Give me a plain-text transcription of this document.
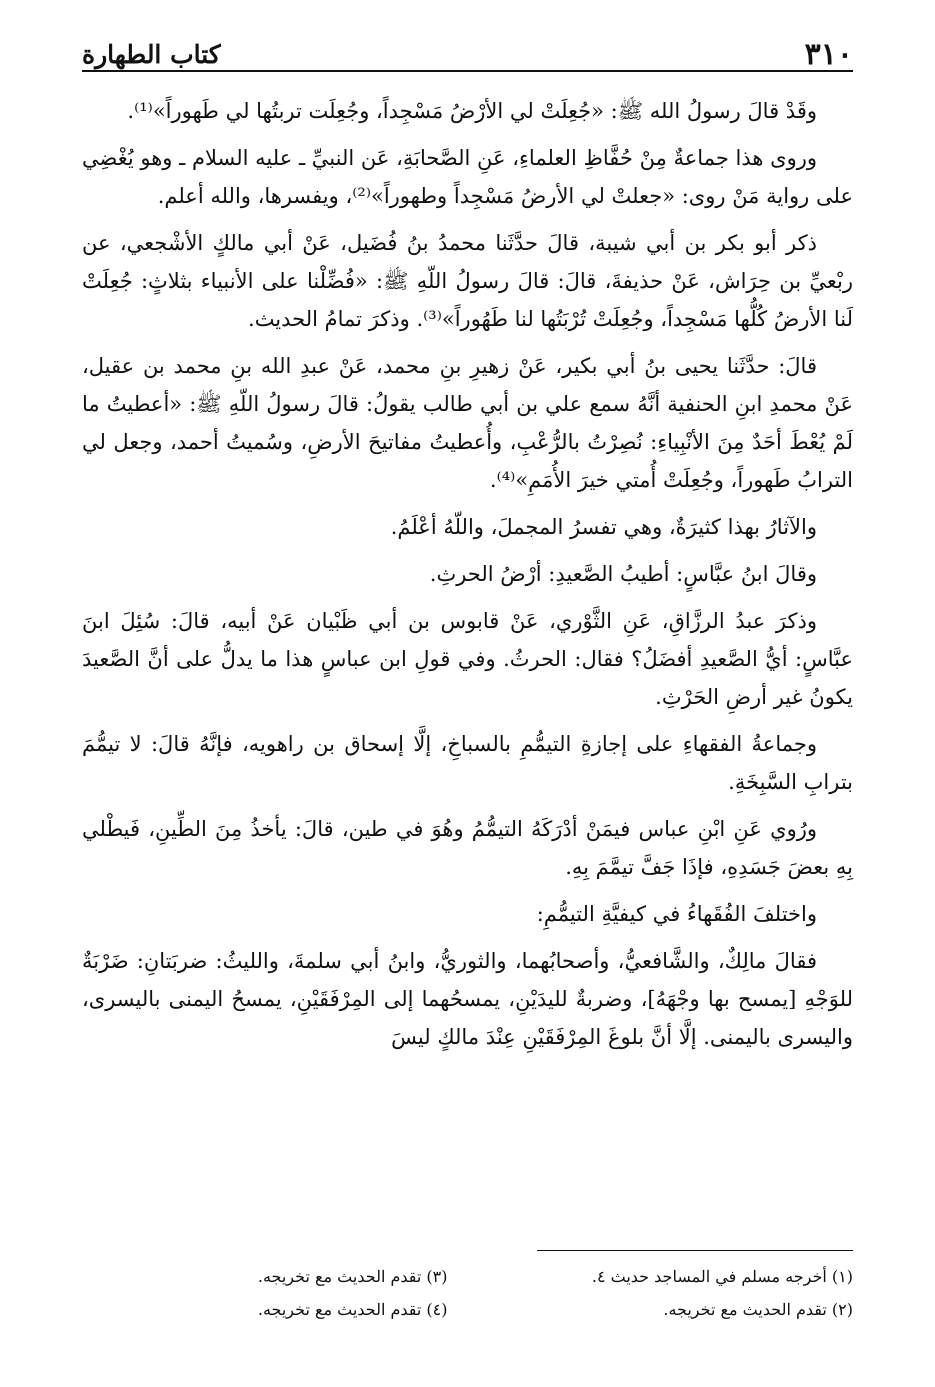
٣١٠
كتاب الطهارة

وقَدْ قالَ رسولُ الله ﷺ: «جُعِلَتْ لي الأرْضُ مَسْجِداً، وجُعِلَت تربتُها لي طَهوراً»⁽¹⁾.

وروى هذا جماعةٌ مِنْ حُفَّاظِ العلماءِ، عَنِ الصَّحابَةِ، عَن النبيِّ ـ عليه السلام ـ وهو يُغْضِي على رواية مَنْ روى: «جعلتْ لي الأرضُ مَسْجِداً وطهوراً»⁽²⁾، ويفسرها، والله أعلم.

ذكر أبو بكر بن أبي شيبة، قالَ حدَّثَنا محمدُ بنُ فُضَيل، عَنْ أبي مالكٍ الأشْجعي، عن ربْعيِّ بن حِرَاش، عَنْ حذيفةَ، قالَ: قالَ رسولُ اللّهِ ﷺ: «فُضِّلْنا على الأنبياء بثلاثٍ: جُعِلَتْ لَنا الأرضُ كُلُّها مَسْجِداً، وجُعِلَتْ تُرْبَتُها لنا طَهُوراً»⁽³⁾. وذكرَ تمامُ الحديث.

قالَ: حدَّثَنا يحيى بنُ أبي بكير، عَنْ زهيرِ بنِ محمد، عَنْ عبدِ الله بنِ محمد بن عقيل، عَنْ محمدِ ابنِ الحنفية أنَّهُ سمع علي بن أبي طالب يقولُ: قالَ رسولُ اللّهِ ﷺ: «أعطيتُ ما لَمْ يُعْطَ أحَدٌ مِنَ الأنْبِياءِ: نُصِرْتُ بالرُّعْبِ، وأُعطيتُ مفاتيحَ الأرضِ، وسُميتُ أحمد، وجعل لي الترابُ طَهوراً، وجُعِلَتْ أُمتي خيرَ الأُمَمِ»⁽⁴⁾.

والآثارُ بهذا كثيرَةٌ، وهي تفسرُ المجملَ، واللّهُ أعْلَمُ.

وقالَ ابنُ عبَّاسٍ: أطيبُ الصَّعيدِ: أرْضُ الحرثِ.

وذكرَ عبدُ الرزَّاقِ، عَنِ الثَّوْري، عَنْ قابوس بن أبي ظَبْيان عَنْ أبيه، قالَ: سُئِلَ ابنَ عبَّاسٍ: أيُّ الصَّعيدِ أفضَلُ؟ فقال: الحرثُ. وفي قولِ ابن عباسٍ هذا ما يدلُّ على أنَّ الصَّعيدَ يكونُ غير أرضِ الحَرْثِ.

وجماعةُ الفقهاءِ على إجازةِ التيمُّمِ بالسباخِ، إلَّا إسحاق بن راهويه، فإنَّهُ قالَ: لا تيمُّمَ بترابِ السَّبِخَةِ.

ورُوي عَنِ ابْنِ عباس فيمَنْ أدْرَكَهُ التيمُّمُ وهُوَ في طين، قالَ: يأخذُ مِنَ الطِّينِ، فَيطْلي بِهِ بعضَ جَسَدِهِ، فإذَا جَفَّ تيمَّمَ بِهِ.

واختلفَ الفُقَهاءُ في كيفيَّةِ التيمُّمِ:

فقالَ مالِكٌ، والشَّافعيُّ، وأصحابُهما، والثوريُّ، وابنُ أبي سلمةَ، والليثُ: ضربَتانِ: ضَرْبَةٌ للوَجْهِ [يمسح بها وجْهَهُ]، وضربةٌ لليدَيْنِ، يمسحُهما إلى المِرْفَقَيْنِ، يمسحُ اليمنى باليسرى، واليسرى باليمنى. إلَّا أنَّ بلوغَ المِرْفَقَيْنِ عِنْدَ مالكٍ ليسَ

(١) أخرجه مسلم في المساجد حديث ٤.
(٢) تقدم الحديث مع تخريجه.
(٣) تقدم الحديث مع تخريجه.
(٤) تقدم الحديث مع تخريجه.
